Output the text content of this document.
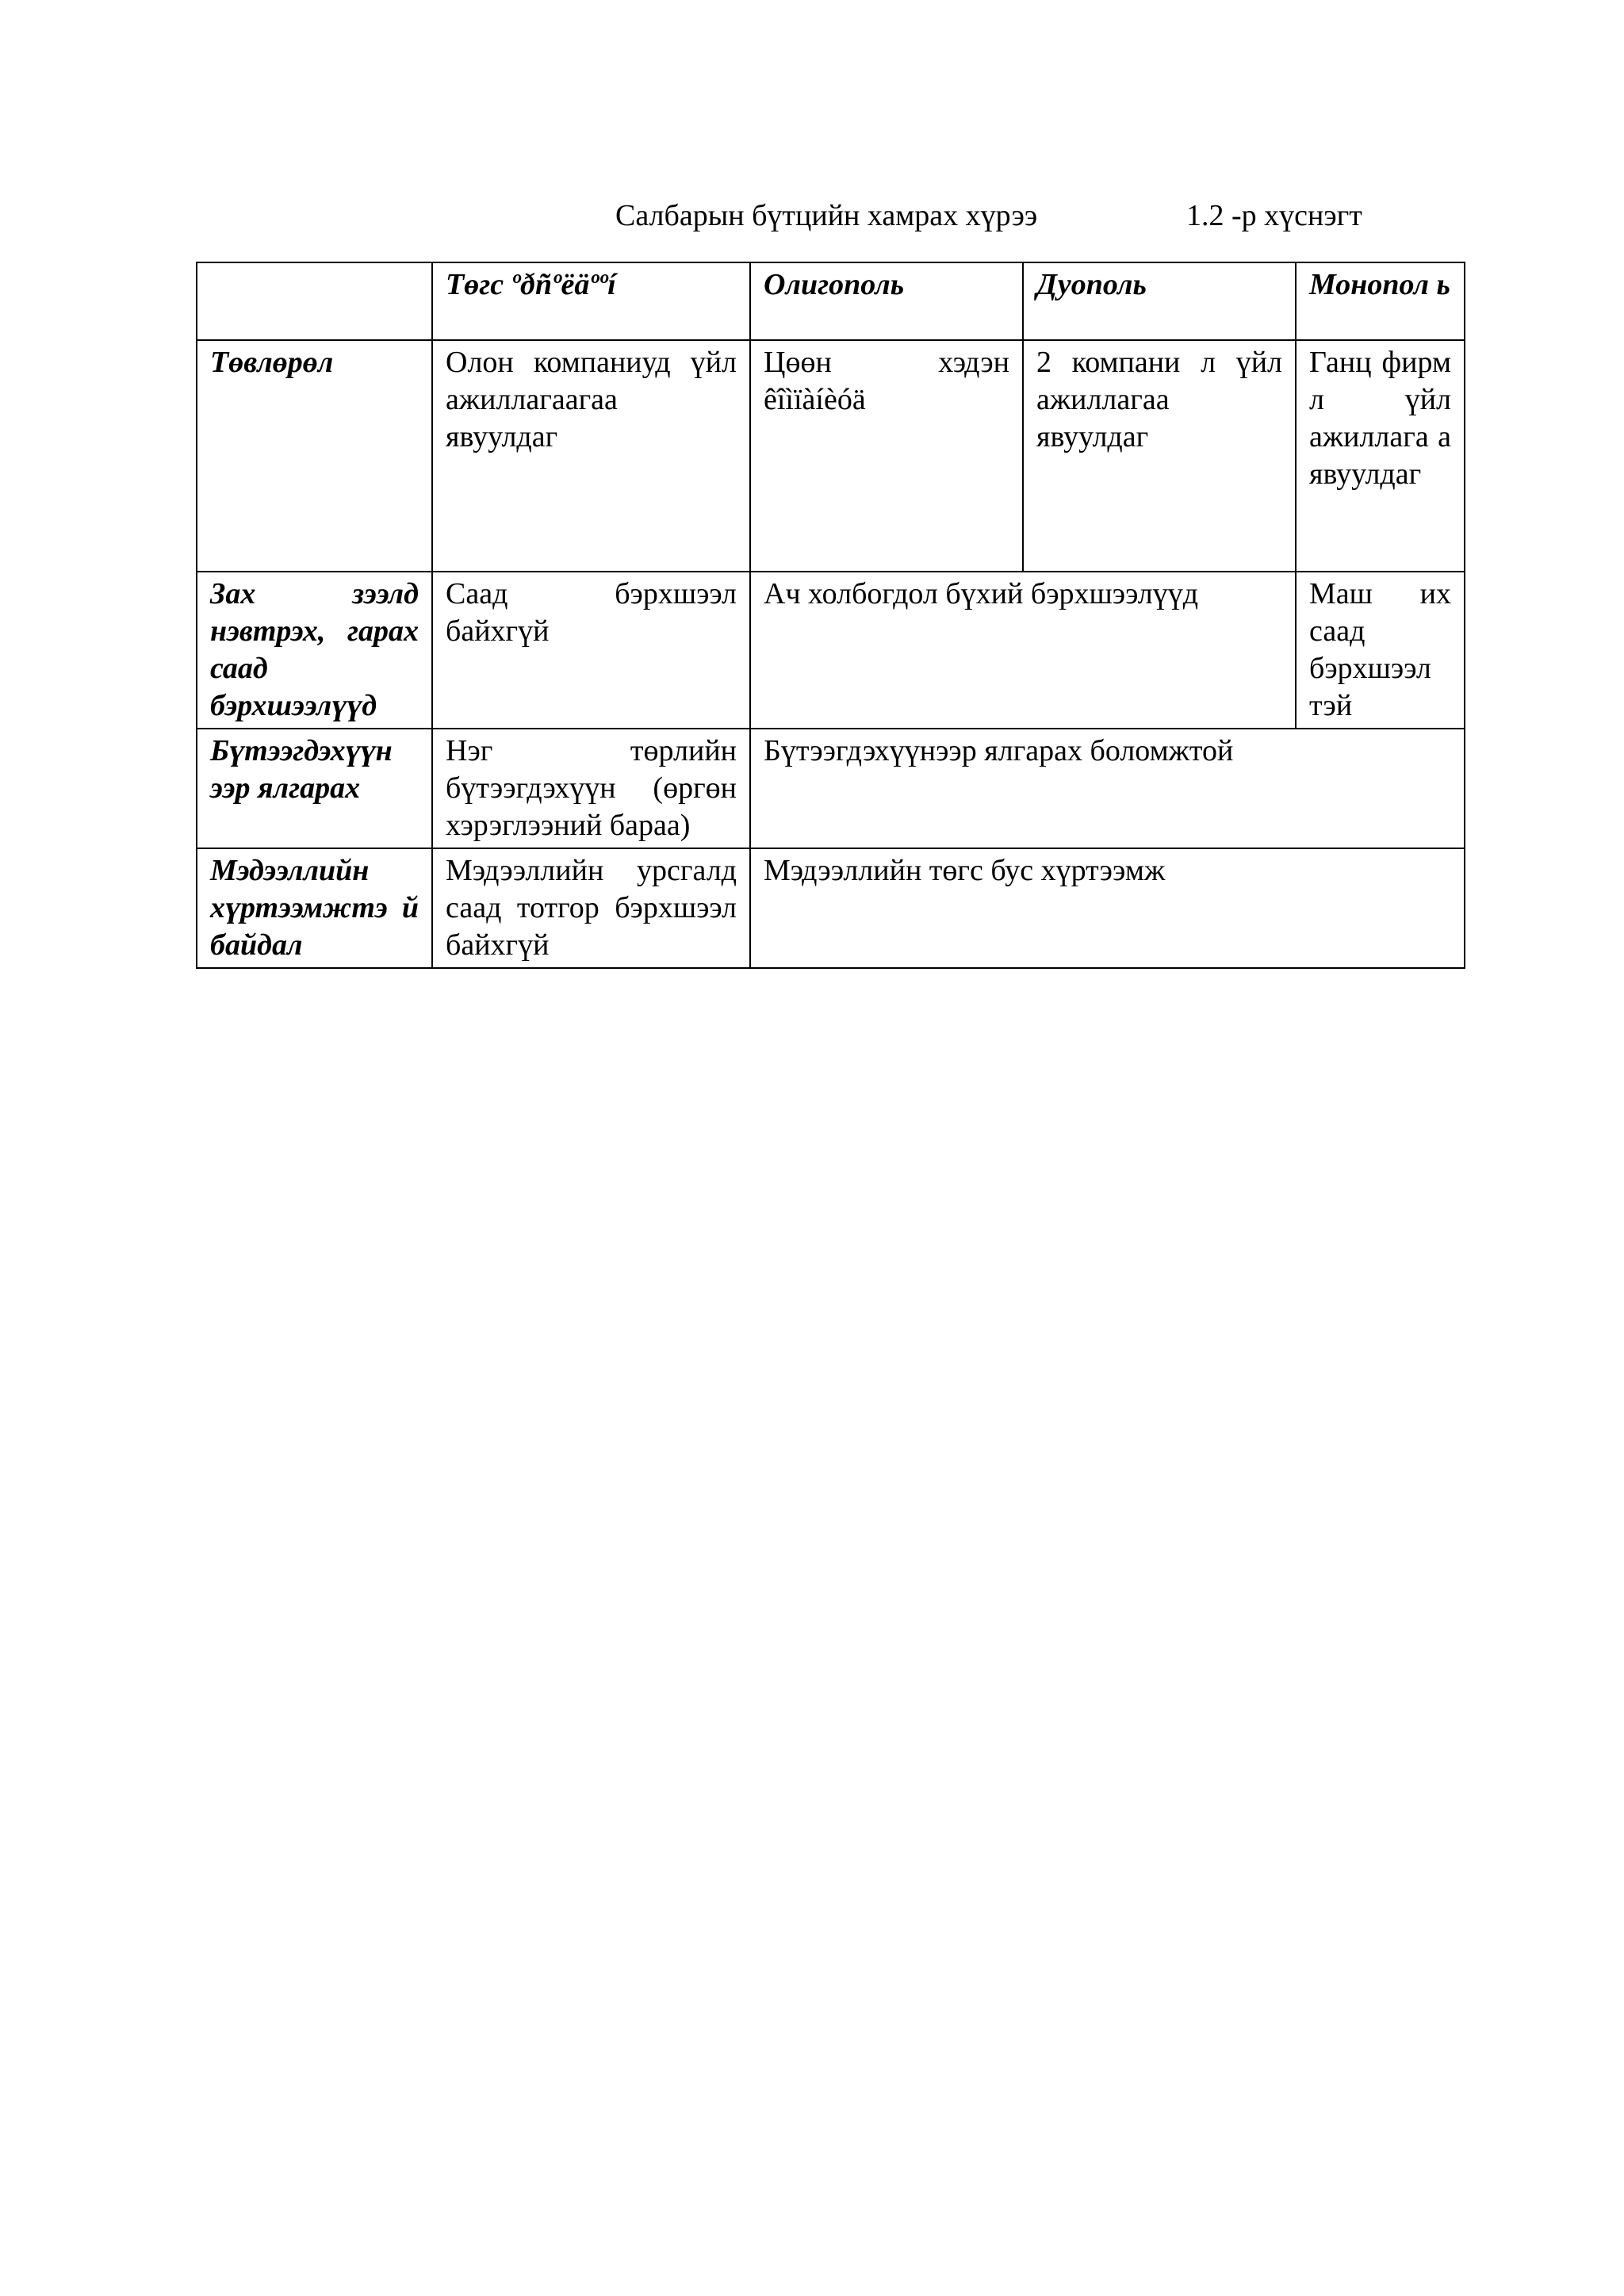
Салбарын бүтцийн хамрах хүрээ	1.2 -р хүснэгт
	Төгс ºðñºëäººí	Олигополь	Дуополь	Монопол ь
Төвлөрөл	Олон компаниуд үйл ажиллагаагаа явуулдаг	Цөөн хэдэн êîìïàíèóä	2 компани л үйл ажиллагаа явуулдаг	Ганц фирм л үйл ажиллага а явуулдаг
Зах зээлд нэвтрэх, гарах саад бэрхшээлүүд	Саад бэрхшээл байхгүй	Ач холбогдол бүхий бэрхшээлүүд		Маш их саад бэрхшээл тэй
Бүтээгдэхүүн ээр ялгарах	Нэг төрлийн бүтээгдэхүүн (өргөн хэрэглээний бараа)	Бүтээгдэхүүнээр ялгарах боломжтой		
Мэдээллийн хүртээмжтэ й байдал	Мэдээллийн урсгалд саад тотгор бэрхшээл байхгүй	Мэдээллийн төгс бус хүртээмж		
